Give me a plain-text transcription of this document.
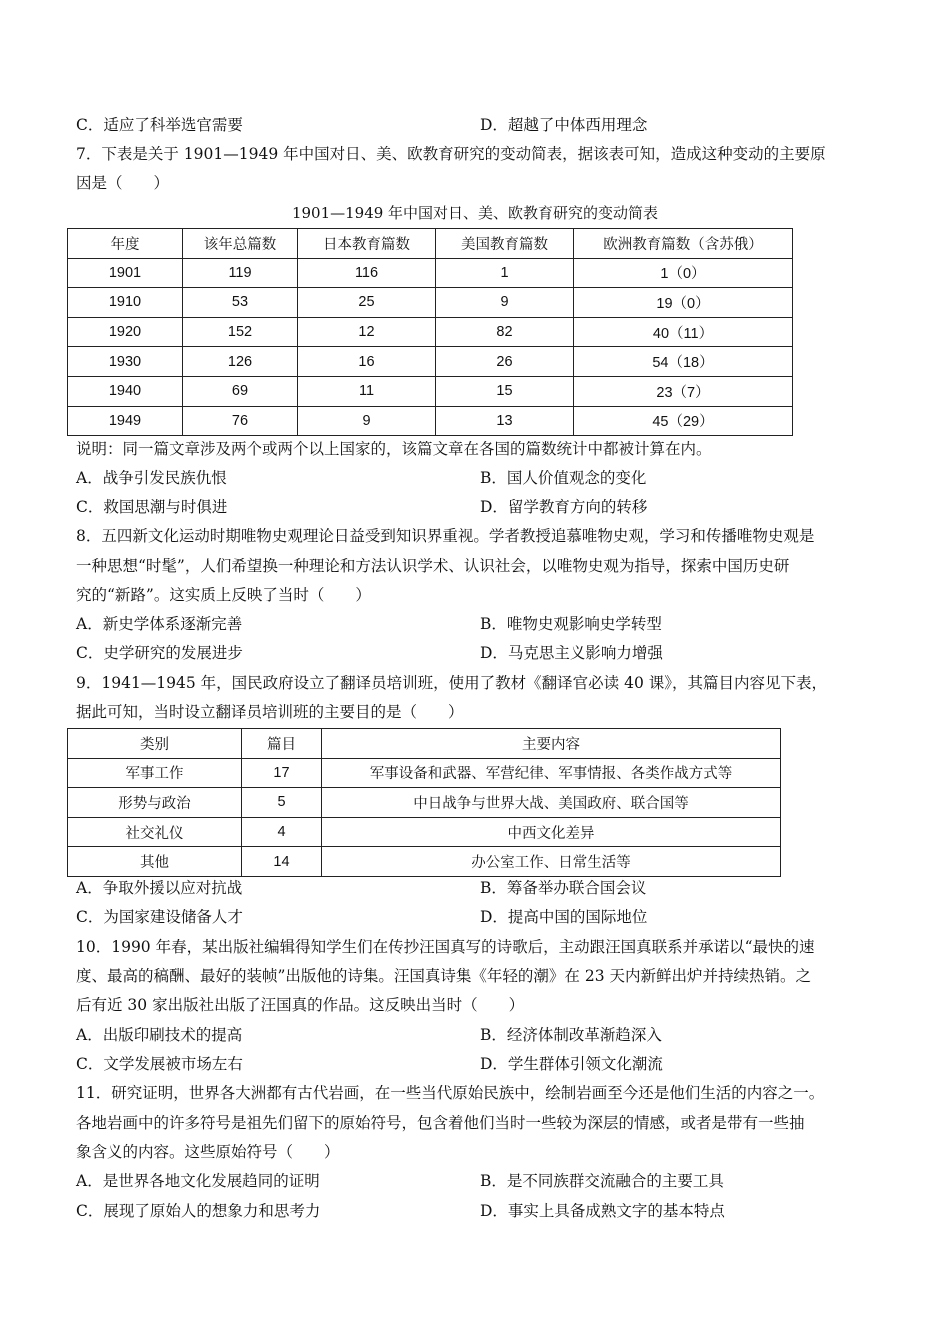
C．适应了科举选官需要	D．超越了中体西用理念
7．下表是关于 1901—1949 年中国对日、美、欧教育研究的变动简表，据该表可知，造成这种变动的主要原
因是（　　）
1901—1949 年中国对日、美、欧教育研究的变动简表
年度	该年总篇数	日本教育篇数	美国教育篇数	欧洲教育篇数（含苏俄）
1901	119	116	1	1（0）
1910	53	25	9	19（0）
1920	152	12	82	40（11）
1930	126	16	26	54（18）
1940	69	11	15	23（7）
1949	76	9	13	45（29）
说明：同一篇文章涉及两个或两个以上国家的，该篇文章在各国的篇数统计中都被计算在内。
A．战争引发民族仇恨	B．国人价值观念的变化
C．救国思潮与时俱进	D．留学教育方向的转移
8．五四新文化运动时期唯物史观理论日益受到知识界重视。学者教授追慕唯物史观，学习和传播唯物史观是
一种思想“时髦”，人们希望换一种理论和方法认识学术、认识社会，以唯物史观为指导，探索中国历史研
究的“新路”。这实质上反映了当时（　　）
A．新史学体系逐渐完善	B．唯物史观影响史学转型
C．史学研究的发展进步	D．马克思主义影响力增强
9．1941—1945 年，国民政府设立了翻译员培训班，使用了教材《翻译官必读 40 课》，其篇目内容见下表，
据此可知，当时设立翻译员培训班的主要目的是（　　）
类别	篇目	主要内容
军事工作	17	军事设备和武器、军营纪律、军事情报、各类作战方式等
形势与政治	5	中日战争与世界大战、美国政府、联合国等
社交礼仪	4	中西文化差异
其他	14	办公室工作、日常生活等
A．争取外援以应对抗战	B．筹备举办联合国会议
C．为国家建设储备人才	D．提高中国的国际地位
10．1990 年春，某出版社编辑得知学生们在传抄汪国真写的诗歌后，主动跟汪国真联系并承诺以“最快的速
度、最高的稿酬、最好的装帧”出版他的诗集。汪国真诗集《年轻的潮》在 23 天内新鲜出炉并持续热销。之
后有近 30 家出版社出版了汪国真的作品。这反映出当时（　　）
A．出版印刷技术的提高	B．经济体制改革渐趋深入
C．文学发展被市场左右	D．学生群体引领文化潮流
11．研究证明，世界各大洲都有古代岩画，在一些当代原始民族中，绘制岩画至今还是他们生活的内容之一。
各地岩画中的许多符号是祖先们留下的原始符号，包含着他们当时一些较为深层的情感，或者是带有一些抽
象含义的内容。这些原始符号（　　）
A．是世界各地文化发展趋同的证明	B．是不同族群交流融合的主要工具
C．展现了原始人的想象力和思考力	D．事实上具备成熟文字的基本特点
